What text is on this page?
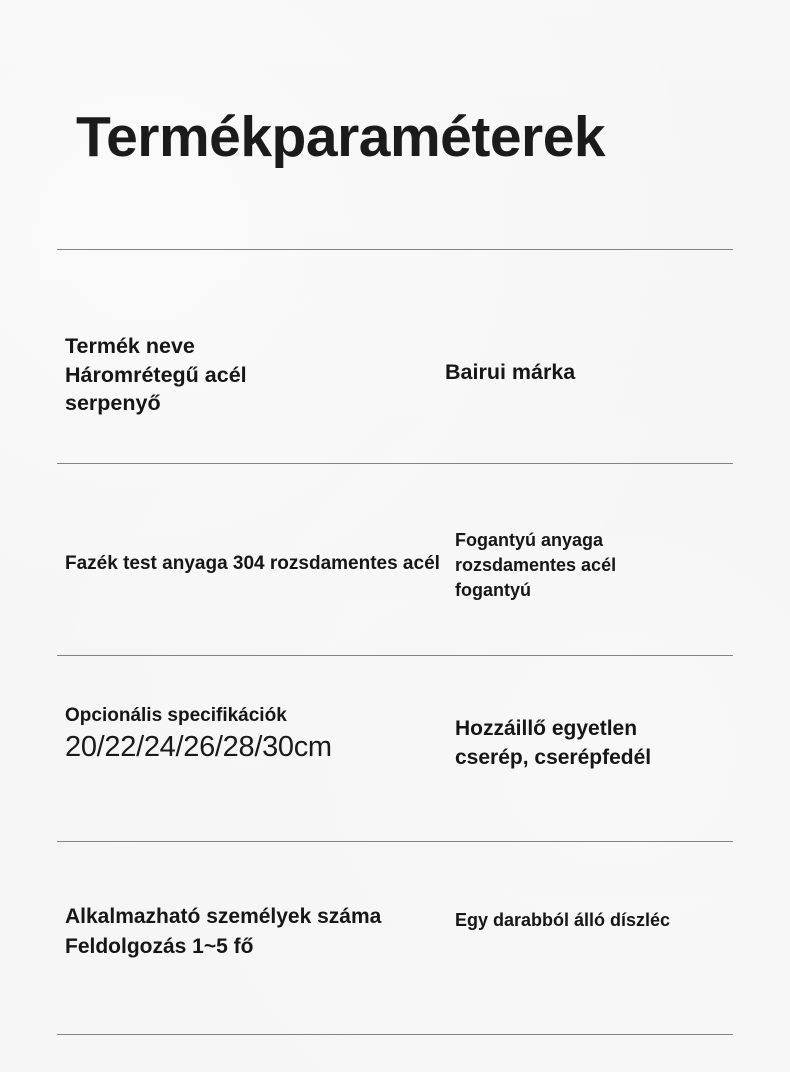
Termékparaméterek

Termék neve Háromrétegű acél serpenyő

Bairui márka

Fazék test anyaga 304 rozsdamentes acél

Fogantyú anyaga rozsdamentes acél fogantyú

Opcionális specifikációk

20/22/24/26/28/30cm

Hozzáillő egyetlen cserép, cserépfedél

Alkalmazható személyek száma Feldolgozás 1~5 fő

Egy darabból álló díszléc
